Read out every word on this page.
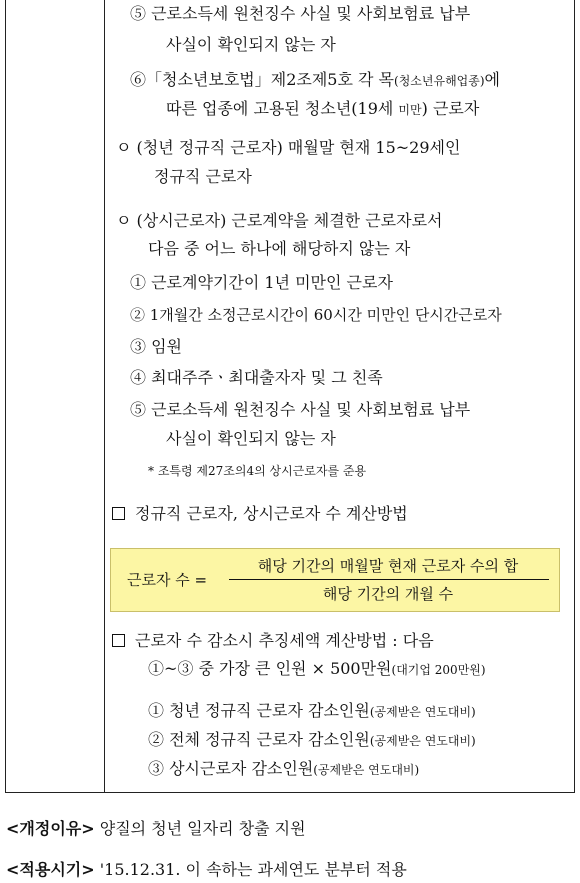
⑤ 근로소득세 원천징수 사실 및 사회보험료 납부
사실이 확인되지 않는 자
⑥「청소년보호법」제2조제5호 각 목(청소년유해업종)에
따른 업종에 고용된 청소년(19세 미만) 근로자
ㅇ (청년 정규직 근로자) 매월말 현재 15~29세인
정규직 근로자
ㅇ (상시근로자) 근로계약을 체결한 근로자로서
다음 중 어느 하나에 해당하지 않는 자
① 근로계약기간이 1년 미만인 근로자
② 1개월간 소정근로시간이 60시간 미만인 단시간근로자
③ 임원
④ 최대주주ㆍ최대출자자 및 그 친족
⑤ 근로소득세 원천징수 사실 및 사회보험료 납부
사실이 확인되지 않는 자
* 조특령 제27조의4의 상시근로자를 준용
정규직 근로자, 상시근로자 수 계산방법
근로자 수 =
해당 기간의 매월말 현재 근로자 수의 합
해당 기간의 개월 수
근로자 수 감소시 추징세액 계산방법 : 다음
①~③ 중 가장 큰 인원 × 500만원(대기업 200만원)
① 청년 정규직 근로자 감소인원(공제받은 연도대비)
② 전체 정규직 근로자 감소인원(공제받은 연도대비)
③ 상시근로자 감소인원(공제받은 연도대비)
<개정이유> 양질의 청년 일자리 창출 지원
<적용시기> '15.12.31. 이 속하는 과세연도 분부터 적용
